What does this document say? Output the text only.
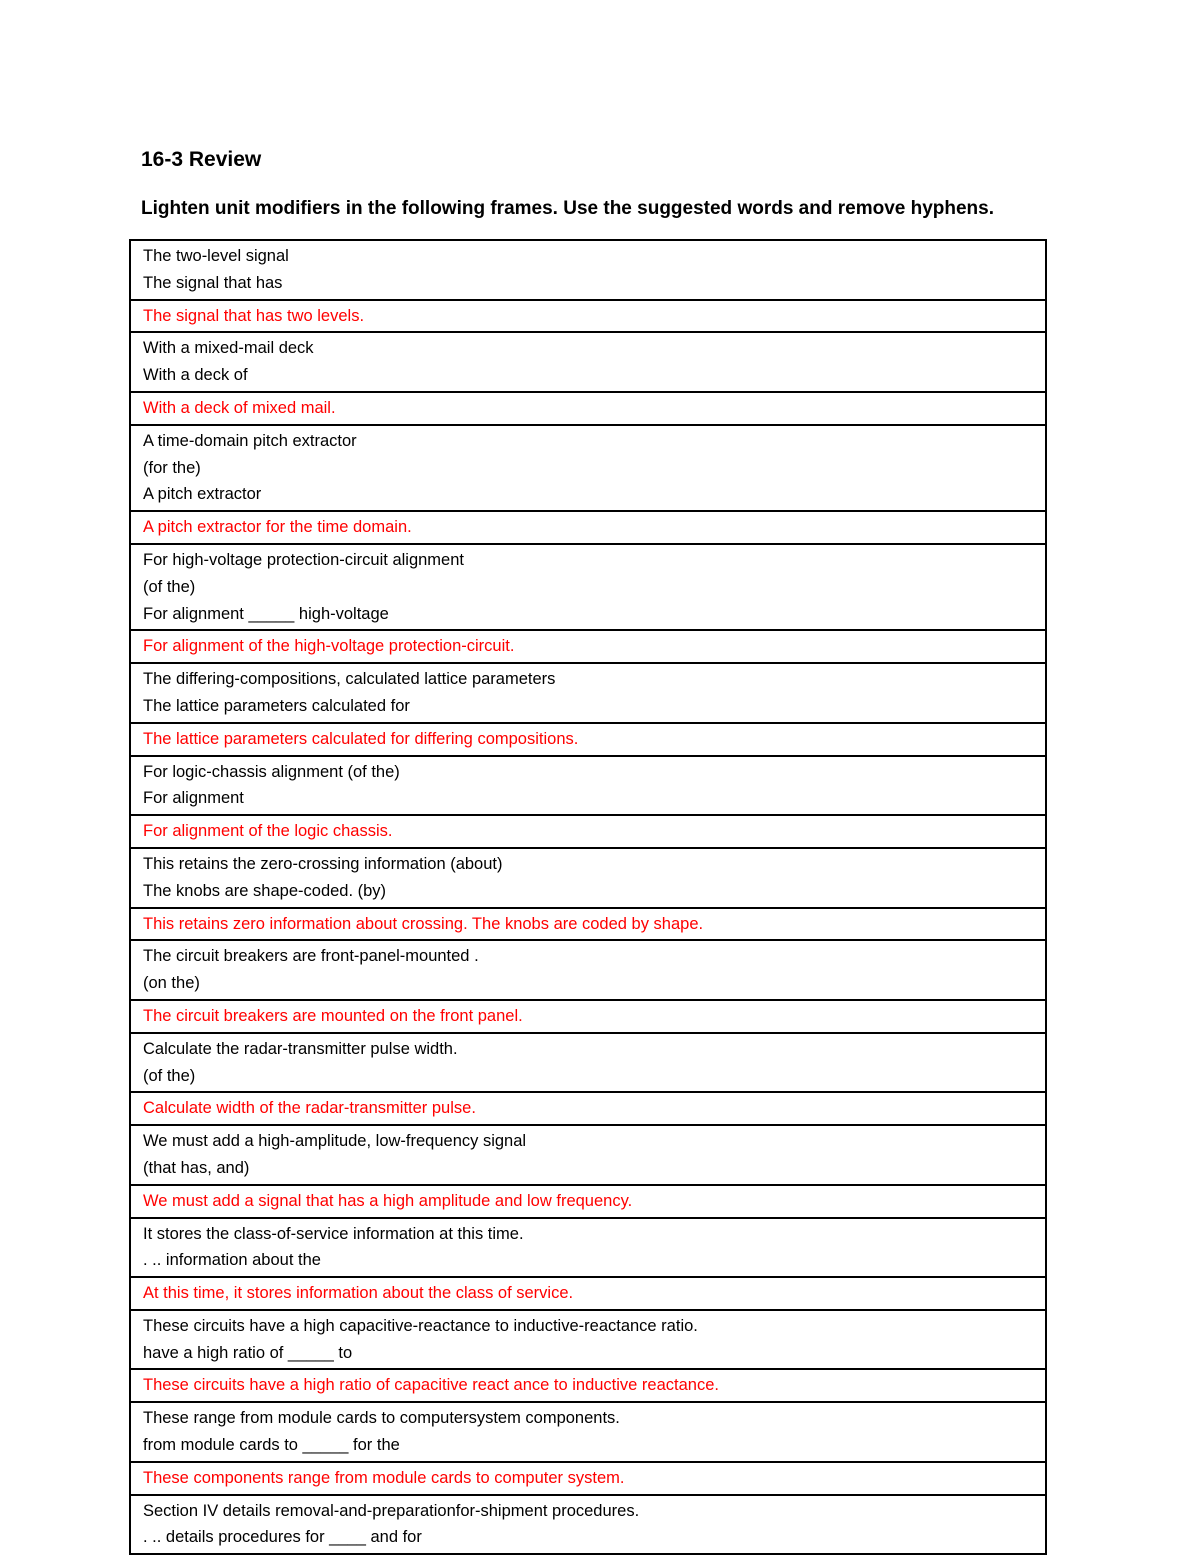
16-3 Review

Lighten unit modifiers in the following frames. Use the suggested words and remove hyphens.

The two-level signal
The signal that has

The signal that has two levels.

With a mixed-mail deck
With a deck of

With a deck of mixed mail.

A time-domain pitch extractor
(for the)
A pitch extractor

A pitch extractor for the time domain.

For high-voltage protection-circuit alignment
(of the)
For alignment _____ high-voltage

For alignment of the high-voltage protection-circuit.

The differing-compositions, calculated lattice parameters
The lattice parameters calculated for

The lattice parameters calculated for differing compositions.

For logic-chassis alignment (of the)
For alignment

For alignment of the logic chassis.

This retains the zero-crossing information (about)
The knobs are shape-coded. (by)

This retains zero information about crossing. The knobs are coded by shape.

The circuit breakers are front-panel-mounted .
(on the)

The circuit breakers are mounted on the front panel.

Calculate the radar-transmitter pulse width.
(of the)

Calculate width of the radar-transmitter pulse.

We must add a high-amplitude, low-frequency signal
(that has, and)

We must add a signal that has a high amplitude and low frequency.

It stores the class-of-service information at this time.
. .. information about the

At this time, it stores information about the class of service.

These circuits have a high capacitive-reactance to inductive-reactance ratio.
have a high ratio of _____ to

These circuits have a high ratio of capacitive react ance to inductive reactance.

These range from module cards to computersystem components.
from module cards to _____ for the

These components range from module cards to computer system.

Section IV details removal-and-preparationfor-shipment procedures.
. .. details procedures for ____ and for
